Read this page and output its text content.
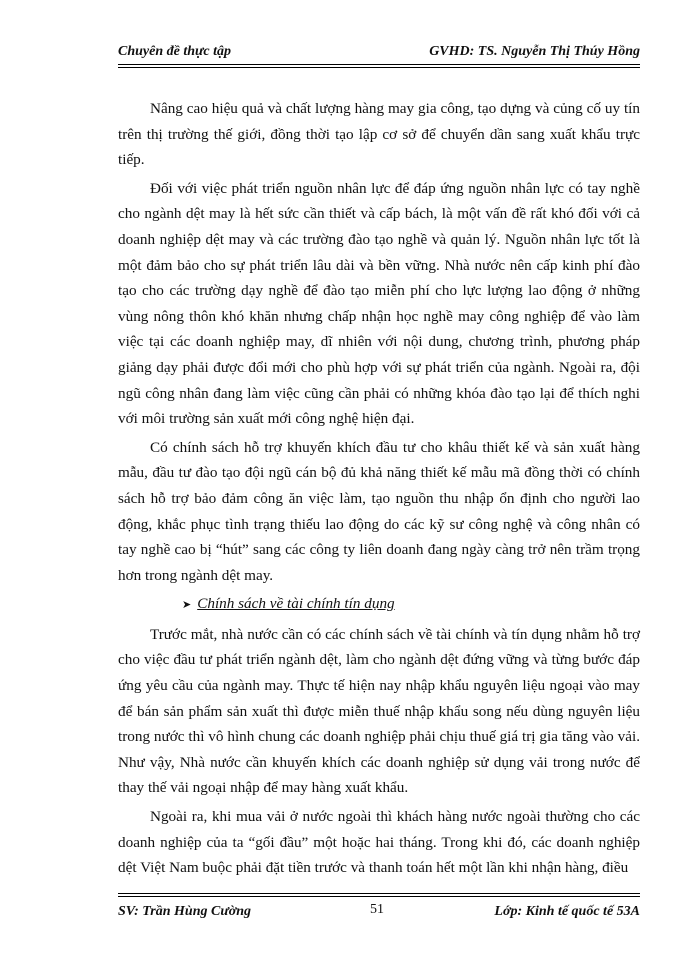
Chuyên đề thực tập	GVHD: TS. Nguyễn Thị Thúy Hồng

Nâng cao hiệu quả và chất lượng hàng may gia công, tạo dựng và củng cố uy tín trên thị trường thế giới, đồng thời tạo lập cơ sở để chuyển dần sang xuất khẩu trực tiếp.

Đối với việc phát triển nguồn nhân lực để đáp ứng nguồn nhân lực có tay nghề cho ngành dệt may là hết sức cần thiết và cấp bách, là một vấn đề rất khó đối với cả doanh nghiệp dệt may và các trường đào tạo nghề và quản lý. Nguồn nhân lực tốt là một đảm bảo cho sự phát triển lâu dài và bền vững. Nhà nước nên cấp kinh phí đào tạo cho các trường dạy nghề để đào tạo miễn phí cho lực lượng lao động ở những vùng nông thôn khó khăn nhưng chấp nhận học nghề may công nghiệp để vào làm việc tại các doanh nghiệp may, dĩ nhiên với nội dung, chương trình, phương pháp giảng dạy phải được đổi mới cho phù hợp với sự phát triển của ngành. Ngoài ra, đội ngũ công nhân đang làm việc cũng cần phải có những khóa đào tạo lại để thích nghi với môi trường sản xuất mới công nghệ hiện đại.

Có chính sách hỗ trợ khuyến khích đầu tư cho khâu thiết kế và sản xuất hàng mẫu, đầu tư đào tạo đội ngũ cán bộ đủ khả năng thiết kế mẫu mã đồng thời có chính sách hỗ trợ bảo đảm công ăn việc làm, tạo nguồn thu nhập ổn định cho người lao động, khắc phục tình trạng thiếu lao động do các kỹ sư công nghệ và công nhân có tay nghề cao bị “hút” sang các công ty liên doanh đang ngày càng trở nên trầm trọng hơn trong ngành dệt may.

➤ Chính sách về tài chính tín dụng

Trước mắt, nhà nước cần có các chính sách về tài chính và tín dụng nhằm hỗ trợ cho việc đầu tư phát triển ngành dệt, làm cho ngành dệt đứng vững và từng bước đáp ứng yêu cầu của ngành may. Thực tế hiện nay nhập khẩu nguyên liệu ngoại vào may để bán sản phẩm sản xuất thì được miễn thuế nhập khẩu song nếu dùng nguyên liệu trong nước thì vô hình chung các doanh nghiệp phải chịu thuế giá trị gia tăng vào vải. Như vậy, Nhà nước cần khuyến khích các doanh nghiệp sử dụng vải trong nước để thay thế vải ngoại nhập để may hàng xuất khẩu.

Ngoài ra, khi mua vải ở nước ngoài thì khách hàng nước ngoài thường cho các doanh nghiệp của ta “gối đầu” một hoặc hai tháng. Trong khi đó, các doanh nghiệp dệt Việt Nam buộc phải đặt tiền trước và thanh toán hết một lần khi nhận hàng, điều

SV: Trần Hùng Cường	51	Lớp: Kinh tế quốc tế 53A
